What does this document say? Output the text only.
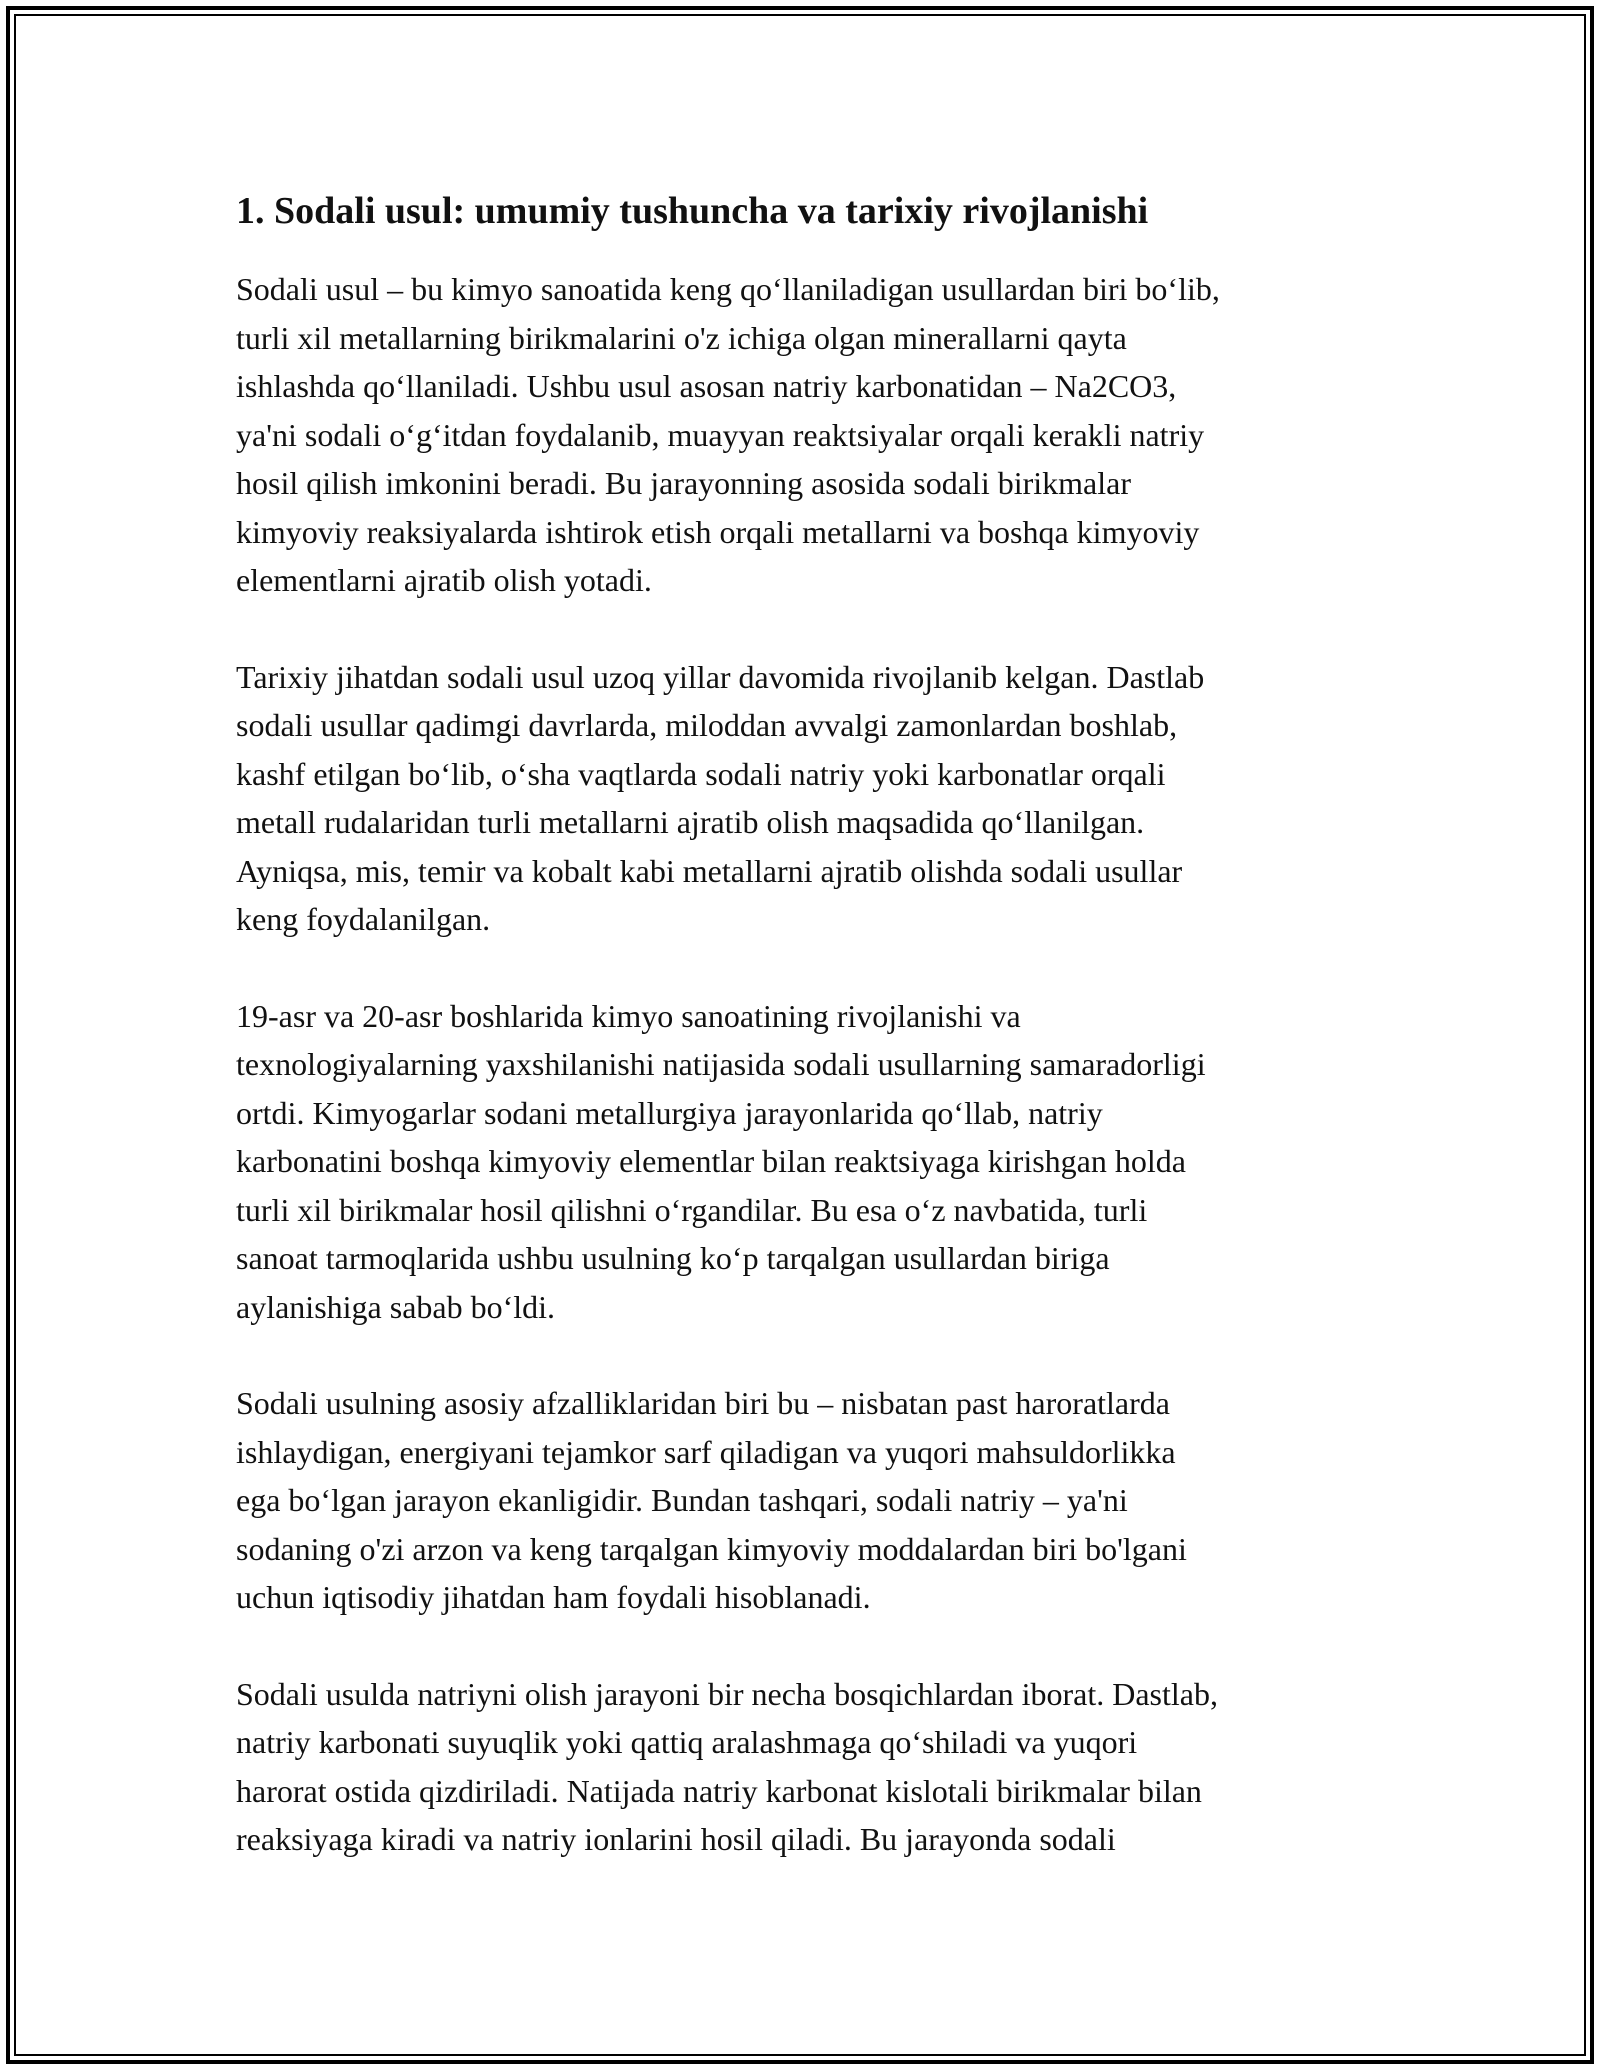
1. Sodali usul: umumiy tushuncha va tarixiy rivojlanishi

Sodali usul – bu kimyo sanoatida keng qo‘llaniladigan usullardan biri bo‘lib,
turli xil metallarning birikmalarini o'z ichiga olgan minerallarni qayta
ishlashda qo‘llaniladi. Ushbu usul asosan natriy karbonatidan – Na2CO3,
ya'ni sodali o‘g‘itdan foydalanib, muayyan reaktsiyalar orqali kerakli natriy
hosil qilish imkonini beradi. Bu jarayonning asosida sodali birikmalar
kimyoviy reaksiyalarda ishtirok etish orqali metallarni va boshqa kimyoviy
elementlarni ajratib olish yotadi.

Tarixiy jihatdan sodali usul uzoq yillar davomida rivojlanib kelgan. Dastlab
sodali usullar qadimgi davrlarda, miloddan avvalgi zamonlardan boshlab,
kashf etilgan bo‘lib, o‘sha vaqtlarda sodali natriy yoki karbonatlar orqali
metall rudalaridan turli metallarni ajratib olish maqsadida qo‘llanilgan.
Ayniqsa, mis, temir va kobalt kabi metallarni ajratib olishda sodali usullar
keng foydalanilgan.

19-asr va 20-asr boshlarida kimyo sanoatining rivojlanishi va
texnologiyalarning yaxshilanishi natijasida sodali usullarning samaradorligi
ortdi. Kimyogarlar sodani metallurgiya jarayonlarida qo‘llab, natriy
karbonatini boshqa kimyoviy elementlar bilan reaktsiyaga kirishgan holda
turli xil birikmalar hosil qilishni o‘rgandilar. Bu esa o‘z navbatida, turli
sanoat tarmoqlarida ushbu usulning ko‘p tarqalgan usullardan biriga
aylanishiga sabab bo‘ldi.

Sodali usulning asosiy afzalliklaridan biri bu – nisbatan past haroratlarda
ishlaydigan, energiyani tejamkor sarf qiladigan va yuqori mahsuldorlikka
ega bo‘lgan jarayon ekanligidir. Bundan tashqari, sodali natriy – ya'ni
sodaning o'zi arzon va keng tarqalgan kimyoviy moddalardan biri bo'lgani
uchun iqtisodiy jihatdan ham foydali hisoblanadi.

Sodali usulda natriyni olish jarayoni bir necha bosqichlardan iborat. Dastlab,
natriy karbonati suyuqlik yoki qattiq aralashmaga qo‘shiladi va yuqori
harorat ostida qizdiriladi. Natijada natriy karbonat kislotali birikmalar bilan
reaksiyaga kiradi va natriy ionlarini hosil qiladi. Bu jarayonda sodali
